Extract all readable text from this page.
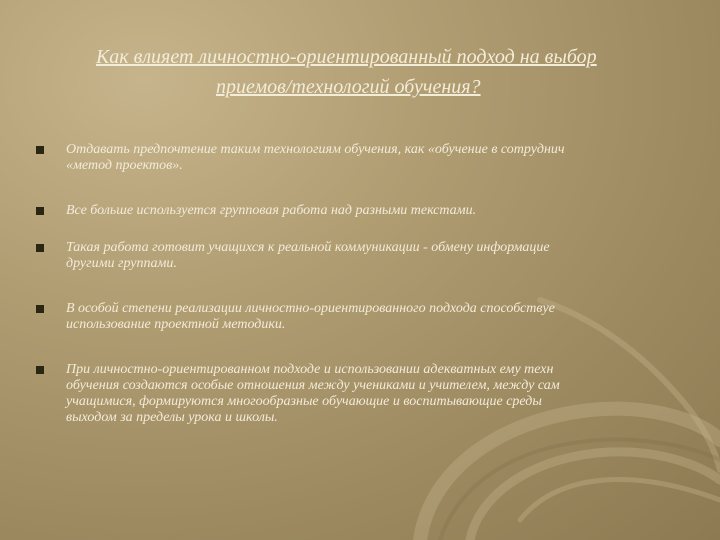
Как влияет личностно-ориентированный подход на выбор
приемов/технологий обучения?
Отдавать предпочтение таким технологиям обучения, как «обучение в сотруднич
«метод проектов».
Все больше используется групповая работа над разными текстами.
Такая работа готовит учащихся к реальной коммуникации - обмену информацие
другими группами.
В особой степени реализации личностно-ориентированного подхода способствуе
использование проектной методики.
При личностно-ориентированном подходе и использовании адекватных ему техн
обучения создаются особые отношения между учениками и учителем, между сам
учащимися, формируются многообразные обучающие и воспитывающие среды
выходом за пределы урока и школы.
